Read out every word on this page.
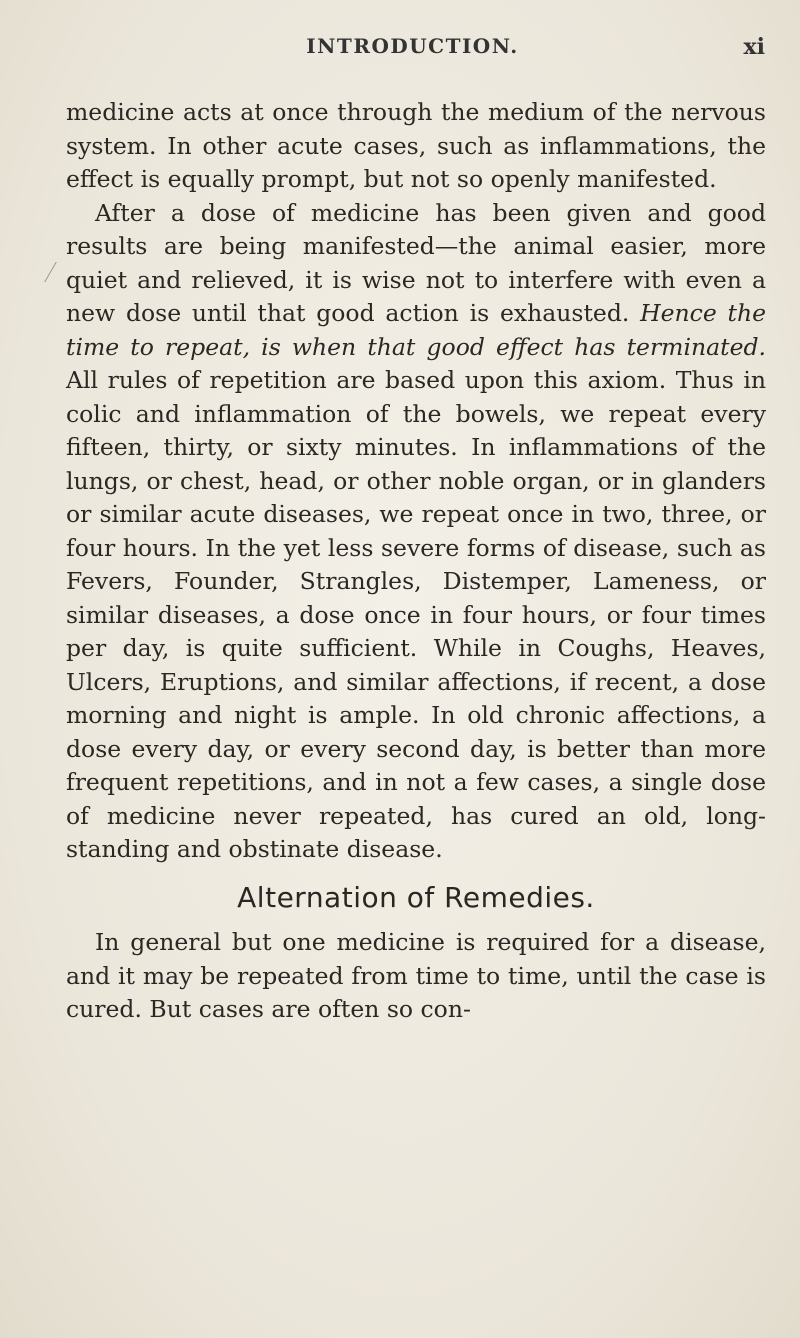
INTRODUCTION.	xi

medicine acts at once through the medium of the nervous system. In other acute cases, such as inflammations, the effect is equally prompt, but not so openly manifested.

After a dose of medicine has been given and good results are being manifested—the animal easier, more quiet and relieved, it is wise not to interfere with even a new dose until that good action is exhausted. Hence the time to repeat, is when that good effect has terminated. All rules of repetition are based upon this axiom. Thus in colic and inflammation of the bowels, we repeat every fifteen, thirty, or sixty minutes. In inflammations of the lungs, or chest, head, or other noble organ, or in glanders or similar acute diseases, we repeat once in two, three, or four hours. In the yet less severe forms of disease, such as Fevers, Founder, Strangles, Distemper, Lameness, or similar diseases, a dose once in four hours, or four times per day, is quite sufficient. While in Coughs, Heaves, Ulcers, Eruptions, and similar affections, if recent, a dose morning and night is ample. In old chronic affections, a dose every day, or every second day, is better than more frequent repetitions, and in not a few cases, a single dose of medicine never repeated, has cured an old, long-standing and obstinate disease.

Alternation of Remedies.

In general but one medicine is required for a disease, and it may be repeated from time to time, until the case is cured. But cases are often so con-
